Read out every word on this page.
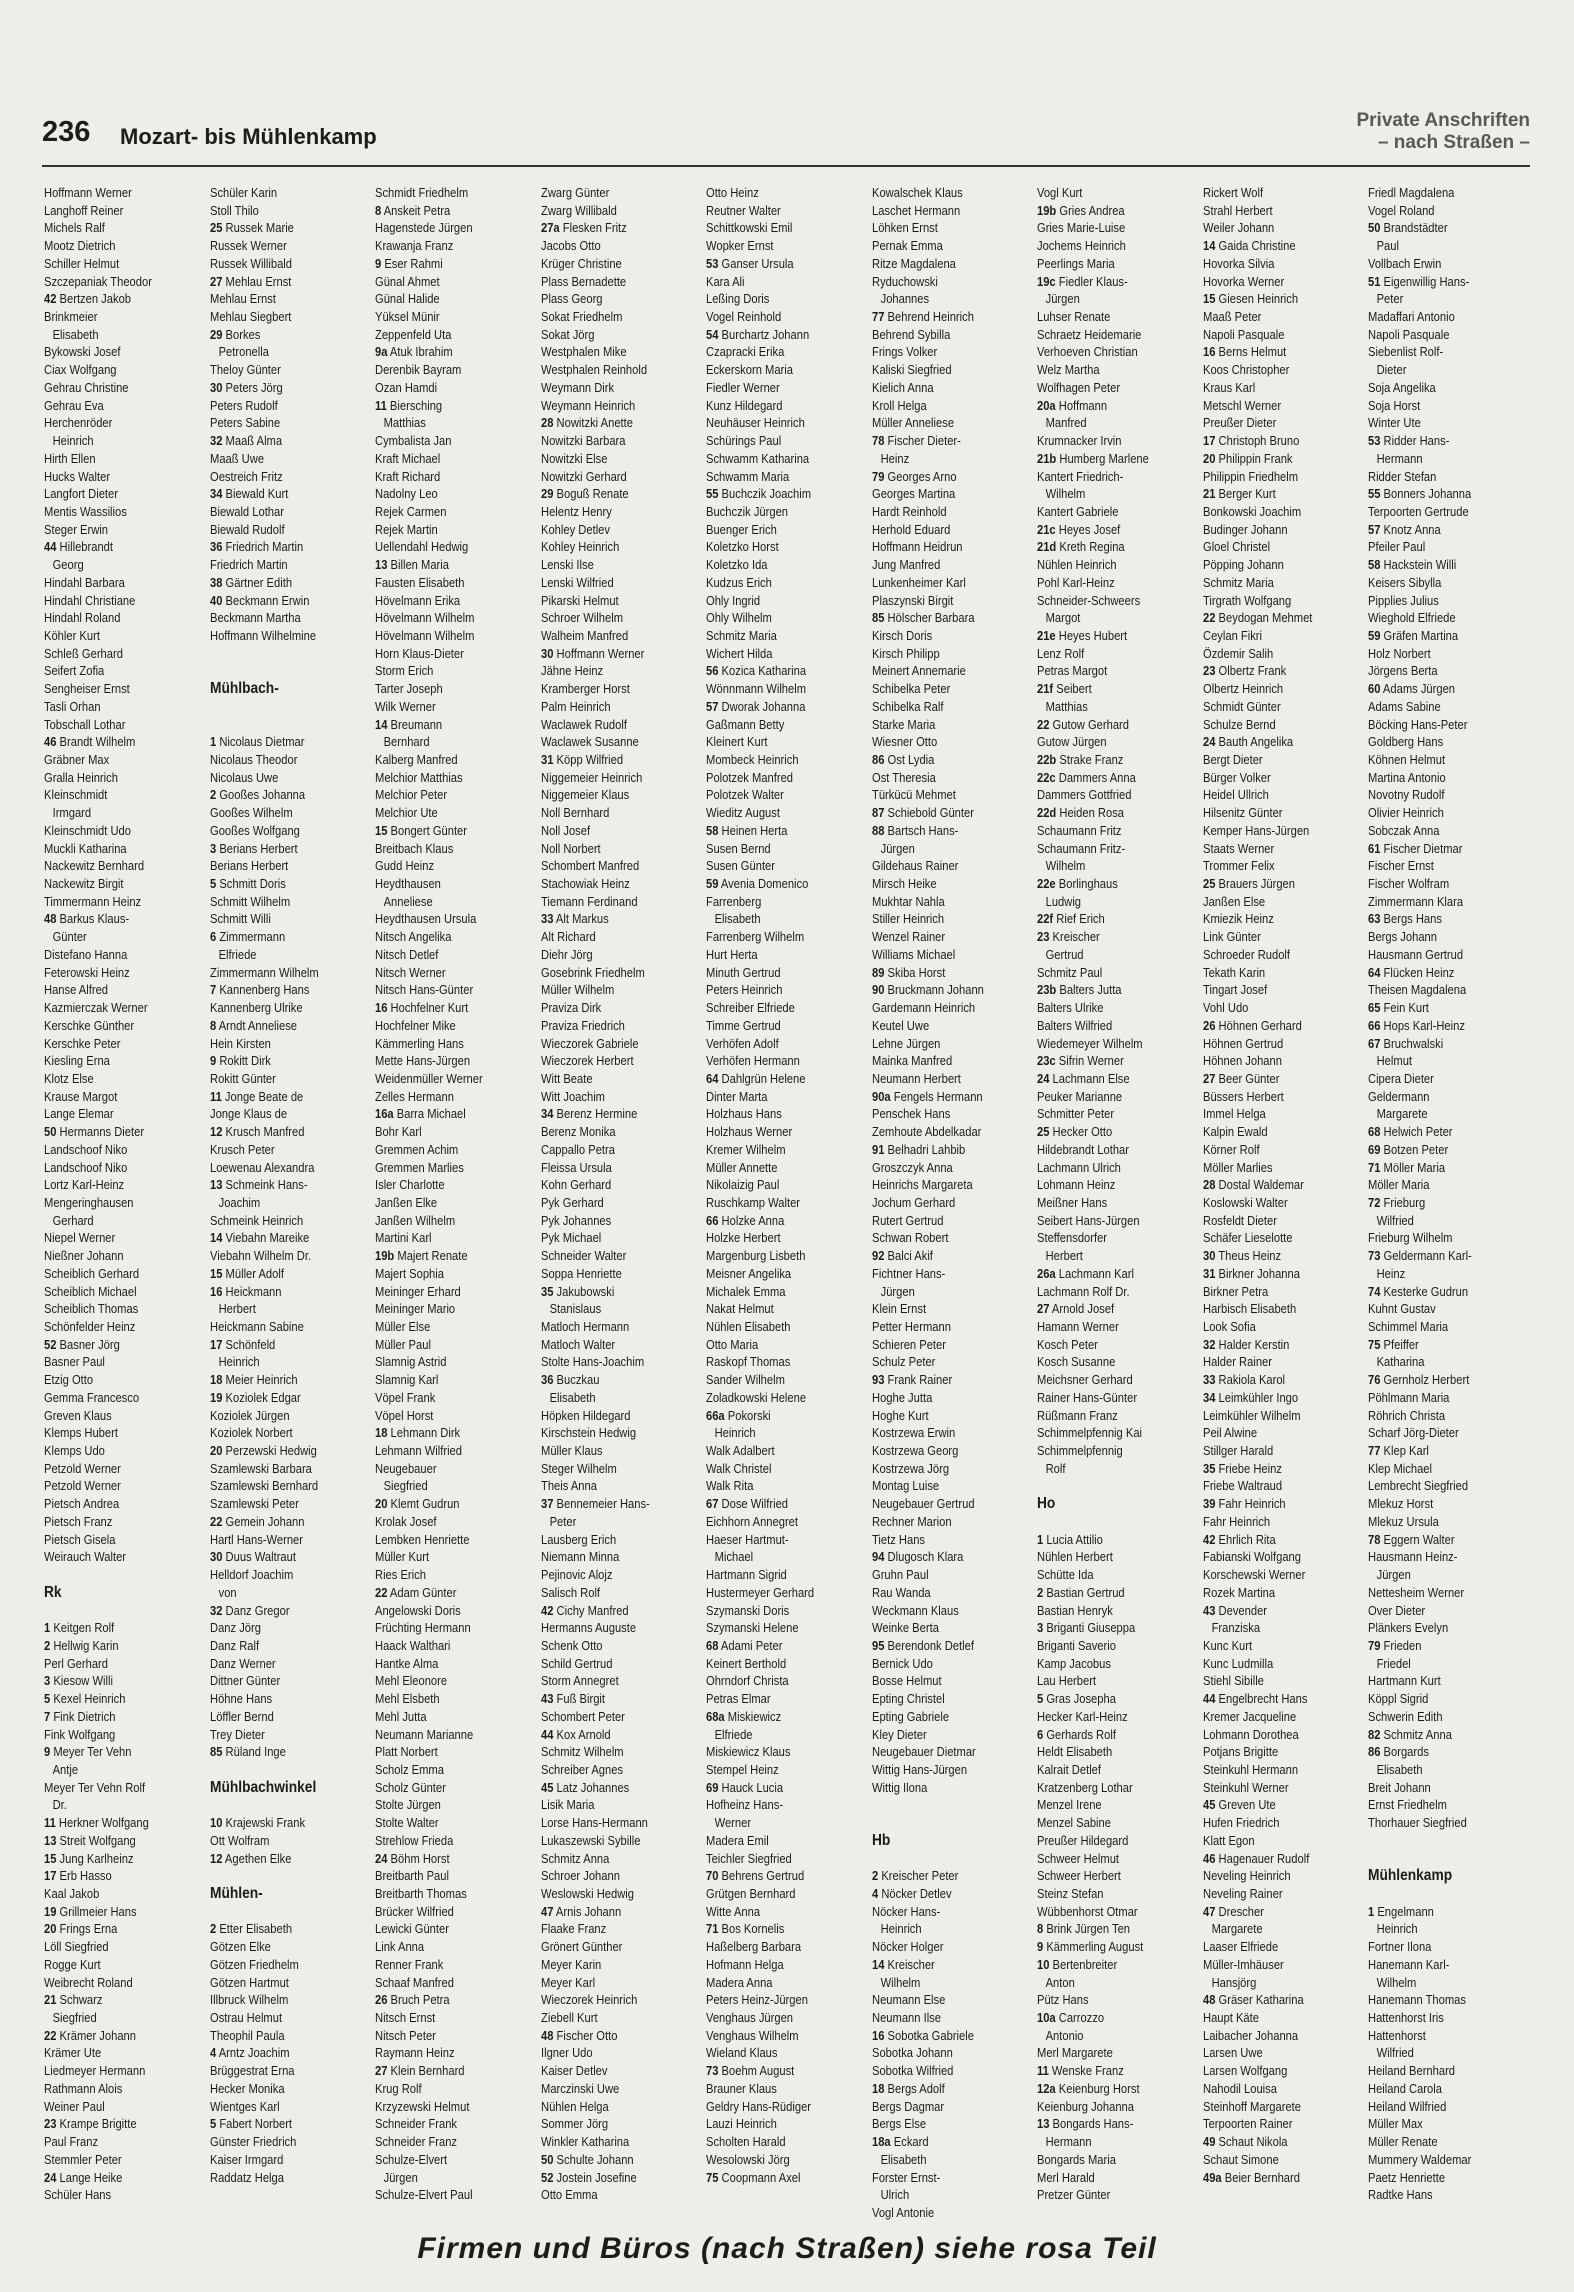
236 Mozart- bis Mühlenkamp
Private Anschriften
– nach Straßen –
Hoffmann Werner
Langhoff Reiner
Michels Ralf
Mootz Dietrich
Schiller Helmut
Szczepaniak Theodor
42 Bertzen Jakob
Brinkmeier
Elisabeth
Bykowski Josef
Ciax Wolfgang
Gehrau Christine
Gehrau Eva
Herchenröder
Heinrich
Hirth Ellen
Hucks Walter
Langfort Dieter
Mentis Wassilios
Steger Erwin
44 Hillebrandt
Georg
Hindahl Barbara
Hindahl Christiane
Hindahl Roland
Köhler Kurt
Schleß Gerhard
Seifert Zofia
Sengheiser Ernst
Tasli Orhan
Tobschall Lothar
46 Brandt Wilhelm
Gräbner Max
Gralla Heinrich
Kleinschmidt
Irmgard
Kleinschmidt Udo
Muckli Katharina
Nackewitz Bernhard
Nackewitz Birgit
Timmermann Heinz
48 Barkus Klaus-
Günter
Distefano Hanna
Feterowski Heinz
Hanse Alfred
Kazmierczak Werner
Kerschke Günther
Kerschke Peter
Kiesling Erna
Klotz Else
Krause Margot
Lange Elemar
50 Hermanns Dieter
Landschoof Niko
Landschoof Niko
Lortz Karl-Heinz
Mengeringhausen
Gerhard
Niepel Werner
Nießner Johann
Scheiblich Gerhard
Scheiblich Michael
Scheiblich Thomas
Schönfelder Heinz
52 Basner Jörg
Basner Paul
Etzig Otto
Gemma Francesco
Greven Klaus
Klemps Hubert
Klemps Udo
Petzold Werner
Petzold Werner
Pietsch Andrea
Pietsch Franz
Pietsch Gisela
Weirauch Walter

Rk

1 Keitgen Rolf
2 Hellwig Karin
Perl Gerhard
3 Kiesow Willi
5 Kexel Heinrich
7 Fink Dietrich
Fink Wolfgang
9 Meyer Ter Vehn
Antje
Meyer Ter Vehn Rolf
Dr.
11 Herkner Wolfgang
13 Streit Wolfgang
15 Jung Karlheinz
17 Erb Hasso
Kaal Jakob
19 Grillmeier Hans
20 Frings Erna
Löll Siegfried
Rogge Kurt
Weibrecht Roland
21 Schwarz
Siegfried
22 Krämer Johann
Krämer Ute
Liedmeyer Hermann
Rathmann Alois
Weiner Paul
23 Krampe Brigitte
Paul Franz
Stemmler Peter
24 Lange Heike
Schüler Hans
Schüler Karin
Stoll Thilo
25 Russek Marie
Russek Werner
Russek Willibald
27 Mehlau Ernst
Mehlau Ernst
Mehlau Siegbert
29 Borkes
Petronella
Theloy Günter
30 Peters Jörg
Peters Rudolf
Peters Sabine
32 Maaß Alma
Maaß Uwe
Oestreich Fritz
34 Biewald Kurt
Biewald Lothar
Biewald Rudolf
36 Friedrich Martin
Friedrich Martin
38 Gärtner Edith
40 Beckmann Erwin
Beckmann Martha
Hoffmann Wilhelmine

Mühlbach-

1 Nicolaus Dietmar
Nicolaus Theodor
Nicolaus Uwe
2 Gooßes Johanna
Gooßes Wilhelm
Gooßes Wolfgang
3 Berians Herbert
Berians Herbert
5 Schmitt Doris
Schmitt Wilhelm
Schmitt Willi
6 Zimmermann
Elfriede
Zimmermann Wilhelm
7 Kannenberg Hans
Kannenberg Ulrike
8 Arndt Anneliese
Hein Kirsten
9 Rokitt Dirk
Rokitt Günter
11 Jonge Beate de
Jonge Klaus de
12 Krusch Manfred
Krusch Peter
Loewenau Alexandra
13 Schmeink Hans-
Joachim
Schmeink Heinrich
14 Viebahn Mareike
Viebahn Wilhelm Dr.
15 Müller Adolf
16 Heickmann
Herbert
Heickmann Sabine
17 Schönfeld
Heinrich
18 Meier Heinrich
19 Koziolek Edgar
Koziolek Jürgen
Koziolek Norbert
20 Perzewski Hedwig
Szamlewski Barbara
Szamlewski Bernhard
Szamlewski Peter
22 Gemein Johann
Hartl Hans-Werner
30 Duus Waltraut
Helldorf Joachim
von
32 Danz Gregor
Danz Jörg
Danz Ralf
Danz Werner
Dittner Günter
Höhne Hans
Löffler Bernd
Trey Dieter
85 Rüland Inge

Mühlbachwinkel

10 Krajewski Frank
Ott Wolfram
12 Agethen Elke

Mühlen-

2 Etter Elisabeth
Götzen Elke
Götzen Friedhelm
Götzen Hartmut
Illbruck Wilhelm
Ostrau Helmut
Theophil Paula
4 Arntz Joachim
Brüggestrat Erna
Hecker Monika
Wientges Karl
5 Fabert Norbert
Günster Friedrich
Kaiser Irmgard
Raddatz Helga
Schmidt Friedhelm
8 Anskeit Petra
Hagenstede Jürgen
Krawanja Franz
9 Eser Rahmi
Günal Ahmet
Günal Halide
Yüksel Münir
Zeppenfeld Uta
9a Atuk Ibrahim
Derenbik Bayram
Ozan Hamdi
11 Biersching
Matthias
Cymbalista Jan
Kraft Michael
Kraft Richard
Nadolny Leo
Rejek Carmen
Rejek Martin
Uellendahl Hedwig
13 Billen Maria
Fausten Elisabeth
Hövelmann Erika
Hövelmann Wilhelm
Hövelmann Wilhelm
Horn Klaus-Dieter
Storm Erich
Tarter Joseph
Wilk Werner
14 Breumann
Bernhard
Kalberg Manfred
Melchior Matthias
Melchior Peter
Melchior Ute
15 Bongert Günter
Breitbach Klaus
Gudd Heinz
Heydthausen
Anneliese
Heydthausen Ursula
Nitsch Angelika
Nitsch Detlef
Nitsch Werner
Nitsch Hans-Günter
16 Hochfelner Kurt
Hochfelner Mike
Kämmerling Hans
Mette Hans-Jürgen
Weidenmüller Werner
Zelles Hermann
16a Barra Michael
Bohr Karl
Gremmen Achim
Gremmen Marlies
Isler Charlotte
Janßen Elke
Janßen Wilhelm
Martini Karl
19b Majert Renate
Majert Sophia
Meininger Erhard
Meininger Mario
Müller Else
Müller Paul
Slamnig Astrid
Slamnig Karl
Vöpel Frank
Vöpel Horst
18 Lehmann Dirk
Lehmann Wilfried
Neugebauer
Siegfried
20 Klemt Gudrun
Krolak Josef
Lembken Henriette
Müller Kurt
Ries Erich
22 Adam Günter
Angelowski Doris
Früchting Hermann
Haack Walthari
Hantke Alma
Mehl Eleonore
Mehl Elsbeth
Mehl Jutta
Neumann Marianne
Platt Norbert
Scholz Emma
Scholz Günter
Stolte Jürgen
Stolte Walter
Strehlow Frieda
24 Böhm Horst
Breitbarth Paul
Breitbarth Thomas
Brücker Wilfried
Lewicki Günter
Link Anna
Renner Frank
Schaaf Manfred
26 Bruch Petra
Nitsch Ernst
Nitsch Peter
Raymann Heinz
27 Klein Bernhard
Krug Rolf
Krzyzewski Helmut
Schneider Frank
Schneider Franz
Schulze-Elvert
Jürgen
Schulze-Elvert Paul
Zwarg Günter
Zwarg Willibald
27a Flesken Fritz
Jacobs Otto
Krüger Christine
Plass Bernadette
Plass Georg
Sokat Friedhelm
Sokat Jörg
Westphalen Mike
Westphalen Reinhold
Weymann Dirk
Weymann Heinrich
28 Nowitzki Anette
Nowitzki Barbara
Nowitzki Else
Nowitzki Gerhard
29 Boguß Renate
Helentz Henry
Kohley Detlev
Kohley Heinrich
Lenski Ilse
Lenski Wilfried
Pikarski Helmut
Schroer Wilhelm
Walheim Manfred
30 Hoffmann Werner
Jähne Heinz
Kramberger Horst
Palm Heinrich
Waclawek Rudolf
Waclawek Susanne
31 Köpp Wilfried
Niggemeier Heinrich
Niggemeier Klaus
Noll Bernhard
Noll Josef
Noll Norbert
Schombert Manfred
Stachowiak Heinz
Tiemann Ferdinand
33 Alt Markus
Alt Richard
Diehr Jörg
Gosebrink Friedhelm
Müller Wilhelm
Praviza Dirk
Praviza Friedrich
Wieczorek Gabriele
Wieczorek Herbert
Witt Beate
Witt Joachim
34 Berenz Hermine
Berenz Monika
Cappallo Petra
Fleissa Ursula
Kohn Gerhard
Pyk Gerhard
Pyk Johannes
Pyk Michael
Schneider Walter
Soppa Henriette
35 Jakubowski
Stanislaus
Matloch Hermann
Matloch Walter
Stolte Hans-Joachim
36 Buczkau
Elisabeth
Höpken Hildegard
Kirschstein Hedwig
Müller Klaus
Steger Wilhelm
Theis Anna
37 Bennemeier Hans-
Peter
Lausberg Erich
Niemann Minna
Pejinovic Alojz
Salisch Rolf
42 Cichy Manfred
Hermanns Auguste
Schenk Otto
Schild Gertrud
Storm Annegret
43 Fuß Birgit
Schombert Peter
44 Kox Arnold
Schmitz Wilhelm
Schreiber Agnes
45 Latz Johannes
Lisik Maria
Lorse Hans-Hermann
Lukaszewski Sybille
Schmitz Anna
Schroer Johann
Weslowski Hedwig
47 Arnis Johann
Flaake Franz
Grönert Günther
Meyer Karin
Meyer Karl
Wieczorek Heinrich
Ziebell Kurt
48 Fischer Otto
Ilgner Udo
Kaiser Detlev
Marczinski Uwe
Nühlen Helga
Sommer Jörg
Winkler Katharina
50 Schulte Johann
52 Jostein Josefine
Otto Emma
Otto Heinz
Reutner Walter
Schittkowski Emil
Wopker Ernst
53 Ganser Ursula
Kara Ali
Leßing Doris
Vogel Reinhold
54 Burchartz Johann
Czapracki Erika
Eckerskorn Maria
Fiedler Werner
Kunz Hildegard
Neuhäuser Heinrich
Schürings Paul
Schwamm Katharina
Schwamm Maria
55 Buchczik Joachim
Buchczik Jürgen
Buenger Erich
Koletzko Horst
Koletzko Ida
Kudzus Erich
Ohly Ingrid
Ohly Wilhelm
Schmitz Maria
Wichert Hilda
56 Kozica Katharina
Wönnmann Wilhelm
57 Dworak Johanna
Gaßmann Betty
Kleinert Kurt
Mombeck Heinrich
Polotzek Manfred
Polotzek Walter
Wieditz August
58 Heinen Herta
Susen Bernd
Susen Günter
59 Avenia Domenico
Farrenberg
Elisabeth
Farrenberg Wilhelm
Hurt Herta
Minuth Gertrud
Peters Heinrich
Schreiber Elfriede
Timme Gertrud
Verhöfen Adolf
Verhöfen Hermann
64 Dahlgrün Helene
Dinter Marta
Holzhaus Hans
Holzhaus Werner
Kremer Wilhelm
Müller Annette
Nikolaizig Paul
Ruschkamp Walter
66 Holzke Anna
Holzke Herbert
Margenburg Lisbeth
Meisner Angelika
Michalek Emma
Nakat Helmut
Nühlen Elisabeth
Otto Maria
Raskopf Thomas
Sander Wilhelm
Zoladkowski Helene
66a Pokorski
Heinrich
Walk Adalbert
Walk Christel
Walk Rita
67 Dose Wilfried
Eichhorn Annegret
Haeser Hartmut-
Michael
Hartmann Sigrid
Hustermeyer Gerhard
Szymanski Doris
Szymanski Helene
68 Adami Peter
Keinert Berthold
Ohrndorf Christa
Petras Elmar
68a Miskiewicz
Elfriede
Miskiewicz Klaus
Stempel Heinz
69 Hauck Lucia
Hofheinz Hans-
Werner
Madera Emil
Teichler Siegfried
70 Behrens Gertrud
Grütgen Bernhard
Witte Anna
71 Bos Kornelis
Haßelberg Barbara
Hofmann Helga
Madera Anna
Peters Heinz-Jürgen
Venghaus Jürgen
Venghaus Wilhelm
Wieland Klaus
73 Boehm August
Brauner Klaus
Geldry Hans-Rüdiger
Lauzi Heinrich
Scholten Harald
Wesolowski Jörg
75 Coopmann Axel
Kowalschek Klaus
Laschet Hermann
Löhken Ernst
Pernak Emma
Ritze Magdalena
Ryduchowski
Johannes
77 Behrend Heinrich
Behrend Sybilla
Frings Volker
Kaliski Siegfried
Kielich Anna
Kroll Helga
Müller Anneliese
78 Fischer Dieter-
Heinz
79 Georges Arno
Georges Martina
Hardt Reinhold
Herhold Eduard
Hoffmann Heidrun
Jung Manfred
Lunkenheimer Karl
Plaszynski Birgit
85 Hölscher Barbara
Kirsch Doris
Kirsch Philipp
Meinert Annemarie
Schibelka Peter
Schibelka Ralf
Starke Maria
Wiesner Otto
86 Ost Lydia
Ost Theresia
Türkücü Mehmet
87 Schiebold Günter
88 Bartsch Hans-
Jürgen
Gildehaus Rainer
Mirsch Heike
Mukhtar Nahla
Stiller Heinrich
Wenzel Rainer
Williams Michael
89 Skiba Horst
90 Bruckmann Johann
Gardemann Heinrich
Keutel Uwe
Lehne Jürgen
Mainka Manfred
Neumann Herbert
90a Fengels Hermann
Penschek Hans
Zemhoute Abdelkadar
91 Belhadri Lahbib
Groszczyk Anna
Heinrichs Margareta
Jochum Gerhard
Rutert Gertrud
Schwan Robert
92 Balci Akif
Fichtner Hans-
Jürgen
Klein Ernst
Petter Hermann
Schieren Peter
Schulz Peter
93 Frank Rainer
Hoghe Jutta
Hoghe Kurt
Kostrzewa Erwin
Kostrzewa Georg
Kostrzewa Jörg
Montag Luise
Neugebauer Gertrud
Rechner Marion
Tietz Hans
94 Dlugosch Klara
Gruhn Paul
Rau Wanda
Weckmann Klaus
Weinke Berta
95 Berendonk Detlef
Bernick Udo
Bosse Helmut
Epting Christel
Epting Gabriele
Kley Dieter
Neugebauer Dietmar
Wittig Hans-Jürgen
Wittig Ilona

Hb

2 Kreischer Peter
4 Nöcker Detlev
Nöcker Hans-
Heinrich
Nöcker Holger
14 Kreischer
Wilhelm
Neumann Else
Neumann Ilse
16 Sobotka Gabriele
Sobotka Johann
Sobotka Wilfried
18 Bergs Adolf
Bergs Dagmar
Bergs Else
18a Eckard
Elisabeth
Forster Ernst-
Ulrich
Vogl Antonie
Vogl Kurt
19b Gries Andrea
Gries Marie-Luise
Jochems Heinrich
Peerlings Maria
19c Fiedler Klaus-
Jürgen
Luhser Renate
Schraetz Heidemarie
Verhoeven Christian
Welz Martha
Wolfhagen Peter
20a Hoffmann
Manfred
Krumnacker Irvin
21b Humberg Marlene
Kantert Friedrich-
Wilhelm
Kantert Gabriele
21c Heyes Josef
21d Kreth Regina
Nühlen Heinrich
Pohl Karl-Heinz
Schneider-Schweers
Margot
21e Heyes Hubert
Lenz Rolf
Petras Margot
21f Seibert
Matthias
22 Gutow Gerhard
Gutow Jürgen
22b Strake Franz
22c Dammers Anna
Dammers Gottfried
22d Heiden Rosa
Schaumann Fritz
Schaumann Fritz-
Wilhelm
22e Borlinghaus
Ludwig
22f Rief Erich
23 Kreischer
Gertrud
Schmitz Paul
23b Balters Jutta
Balters Ulrike
Balters Wilfried
Wiedemeyer Wilhelm
23c Sifrin Werner
24 Lachmann Else
Peuker Marianne
Schmitter Peter
25 Hecker Otto
Hildebrandt Lothar
Lachmann Ulrich
Lohmann Heinz
Meißner Hans
Seibert Hans-Jürgen
Steffensdorfer
Herbert
26a Lachmann Karl
Lachmann Rolf Dr.
27 Arnold Josef
Hamann Werner
Kosch Peter
Kosch Susanne
Meichsner Gerhard
Rainer Hans-Günter
Rüßmann Franz
Schimmelpfennig Kai
Schimmelpfennig
Rolf

Ho

1 Lucia Attilio
Nühlen Herbert
Schütte Ida
2 Bastian Gertrud
Bastian Henryk
3 Briganti Giuseppa
Briganti Saverio
Kamp Jacobus
Lau Herbert
5 Gras Josepha
Hecker Karl-Heinz
6 Gerhards Rolf
Heldt Elisabeth
Kalrait Detlef
Kratzenberg Lothar
Menzel Irene
Menzel Sabine
Preußer Hildegard
Schweer Helmut
Schweer Herbert
Steinz Stefan
Wübbenhorst Otmar
8 Brink Jürgen Ten
9 Kämmerling August
10 Bertenbreiter
Anton
Pütz Hans
10a Carrozzo
Antonio
Merl Margarete
11 Wenske Franz
12a Keienburg Horst
Keienburg Johanna
13 Bongards Hans-
Hermann
Bongards Maria
Merl Harald
Pretzer Günter
Rickert Wolf
Strahl Herbert
Weiler Johann
14 Gaida Christine
Hovorka Silvia
Hovorka Werner
15 Giesen Heinrich
Maaß Peter
Napoli Pasquale
16 Berns Helmut
Koos Christopher
Kraus Karl
Metschl Werner
Preußer Dieter
17 Christoph Bruno
20 Philippin Frank
Philippin Friedhelm
21 Berger Kurt
Bonkowski Joachim
Budinger Johann
Gloel Christel
Pöpping Johann
Schmitz Maria
Tirgrath Wolfgang
22 Beydogan Mehmet
Ceylan Fikri
Özdemir Salih
23 Olbertz Frank
Olbertz Heinrich
Schmidt Günter
Schulze Bernd
24 Bauth Angelika
Bergt Dieter
Bürger Volker
Heidel Ullrich
Hilsenitz Günter
Kemper Hans-Jürgen
Staats Werner
Trommer Felix
25 Brauers Jürgen
Janßen Else
Kmiezik Heinz
Link Günter
Schroeder Rudolf
Tekath Karin
Tingart Josef
Vohl Udo
26 Höhnen Gerhard
Höhnen Gertrud
Höhnen Johann
27 Beer Günter
Büssers Herbert
Immel Helga
Kalpin Ewald
Körner Rolf
Möller Marlies
28 Dostal Waldemar
Koslowski Walter
Rosfeldt Dieter
Schäfer Lieselotte
30 Theus Heinz
31 Birkner Johanna
Birkner Petra
Harbisch Elisabeth
Look Sofia
32 Halder Kerstin
Halder Rainer
33 Rakiola Karol
34 Leimkühler Ingo
Leimkühler Wilhelm
Peil Alwine
Stillger Harald
35 Friebe Heinz
Friebe Waltraud
39 Fahr Heinrich
Fahr Heinrich
42 Ehrlich Rita
Fabianski Wolfgang
Korschewski Werner
Rozek Martina
43 Devender
Franziska
Kunc Kurt
Kunc Ludmilla
Stiehl Sibille
44 Engelbrecht Hans
Kremer Jacqueline
Lohmann Dorothea
Potjans Brigitte
Steinkuhl Hermann
Steinkuhl Werner
45 Greven Ute
Hufen Friedrich
Klatt Egon
46 Hagenauer Rudolf
Neveling Heinrich
Neveling Rainer
47 Drescher
Margarete
Laaser Elfriede
Müller-Imhäuser
Hansjörg
48 Gräser Katharina
Haupt Käte
Laibacher Johanna
Larsen Uwe
Larsen Wolfgang
Nahodil Louisa
Steinhoff Margarete
Terpoorten Rainer
49 Schaut Nikola
Schaut Simone
49a Beier Bernhard
Friedl Magdalena
Vogel Roland
50 Brandstädter
Paul
Vollbach Erwin
51 Eigenwillig Hans-
Peter
Madaffari Antonio
Napoli Pasquale
Siebenlist Rolf-
Dieter
Soja Angelika
Soja Horst
Winter Ute
53 Ridder Hans-
Hermann
Ridder Stefan
55 Bonners Johanna
Terpoorten Gertrude
57 Knotz Anna
Pfeiler Paul
58 Hackstein Willi
Keisers Sibylla
Pipplies Julius
Wieghold Elfriede
59 Gräfen Martina
Holz Norbert
Jörgens Berta
60 Adams Jürgen
Adams Sabine
Böcking Hans-Peter
Goldberg Hans
Köhnen Helmut
Martina Antonio
Novotny Rudolf
Olivier Heinrich
Sobczak Anna
61 Fischer Dietmar
Fischer Ernst
Fischer Wolfram
Zimmermann Klara
63 Bergs Hans
Bergs Johann
Hausmann Gertrud
64 Flücken Heinz
Theisen Magdalena
65 Fein Kurt
66 Hops Karl-Heinz
67 Bruchwalski
Helmut
Cipera Dieter
Geldermann
Margarete
68 Helwich Peter
69 Botzen Peter
71 Möller Maria
Möller Maria
72 Frieburg
Wilfried
Frieburg Wilhelm
73 Geldermann Karl-
Heinz
74 Kesterke Gudrun
Kuhnt Gustav
Schimmel Maria
75 Pfeiffer
Katharina
76 Gernholz Herbert
Pöhlmann Maria
Röhrich Christa
Scharf Jörg-Dieter
77 Klep Karl
Klep Michael
Lembrecht Siegfried
Mlekuz Horst
Mlekuz Ursula
78 Eggern Walter
Hausmann Heinz-
Jürgen
Nettesheim Werner
Over Dieter
Plänkers Evelyn
79 Frieden
Friedel
Hartmann Kurt
Köppl Sigrid
Schwerin Edith
82 Schmitz Anna
86 Borgards
Elisabeth
Breit Johann
Ernst Friedhelm
Thorhauer Siegfried

Mühlenkamp

1 Engelmann
Heinrich
Fortner Ilona
Hanemann Karl-
Wilhelm
Hanemann Thomas
Hattenhorst Iris
Hattenhorst
Wilfried
Heiland Bernhard
Heiland Carola
Heiland Wilfried
Müller Max
Müller Renate
Mummery Waldemar
Paetz Henriette
Radtke Hans
Firmen und Büros (nach Straßen) siehe rosa Teil
